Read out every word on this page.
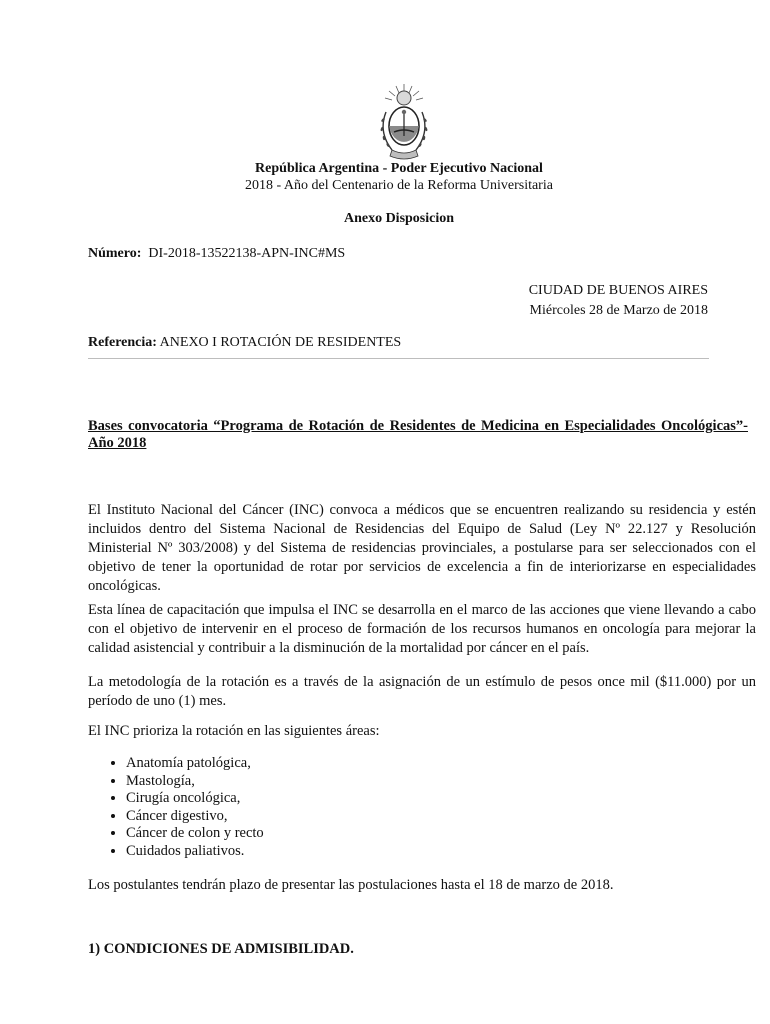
República Argentina - Poder Ejecutivo Nacional
2018 - Año del Centenario de la Reforma Universitaria
Anexo Disposicion
Número: DI-2018-13522138-APN-INC#MS
CIUDAD DE BUENOS AIRES
Miércoles 28 de Marzo de 2018
Referencia: ANEXO I ROTACIÓN DE RESIDENTES
Bases convocatoria “Programa de Rotación de Residentes de Medicina en Especialidades Oncológicas”- Año 2018

El Instituto Nacional del Cáncer (INC) convoca a médicos que se encuentren realizando su residencia y estén incluidos dentro del Sistema Nacional de Residencias del Equipo de Salud (Ley Nº 22.127 y Resolución Ministerial Nº 303/2008) y del Sistema de residencias provinciales, a postularse para ser seleccionados con el objetivo de tener la oportunidad de rotar por servicios de excelencia a fin de interiorizarse en especialidades oncológicas.

Esta línea de capacitación que impulsa el INC se desarrolla en el marco de las acciones que viene llevando a cabo con el objetivo de intervenir en el proceso de formación de los recursos humanos en oncología para mejorar la calidad asistencial y contribuir a la disminución de la mortalidad por cáncer en el país.

La metodología de la rotación es a través de la asignación de un estímulo de pesos once mil ($11.000) por un período de uno (1) mes.

El INC prioriza la rotación en las siguientes áreas:

• Anatomía patológica,
• Mastología,
• Cirugía oncológica,
• Cáncer digestivo,
• Cáncer de colon y recto
• Cuidados paliativos.

Los postulantes tendrán plazo de presentar las postulaciones hasta el 18 de marzo de 2018.

1) CONDICIONES DE ADMISIBILIDAD.
